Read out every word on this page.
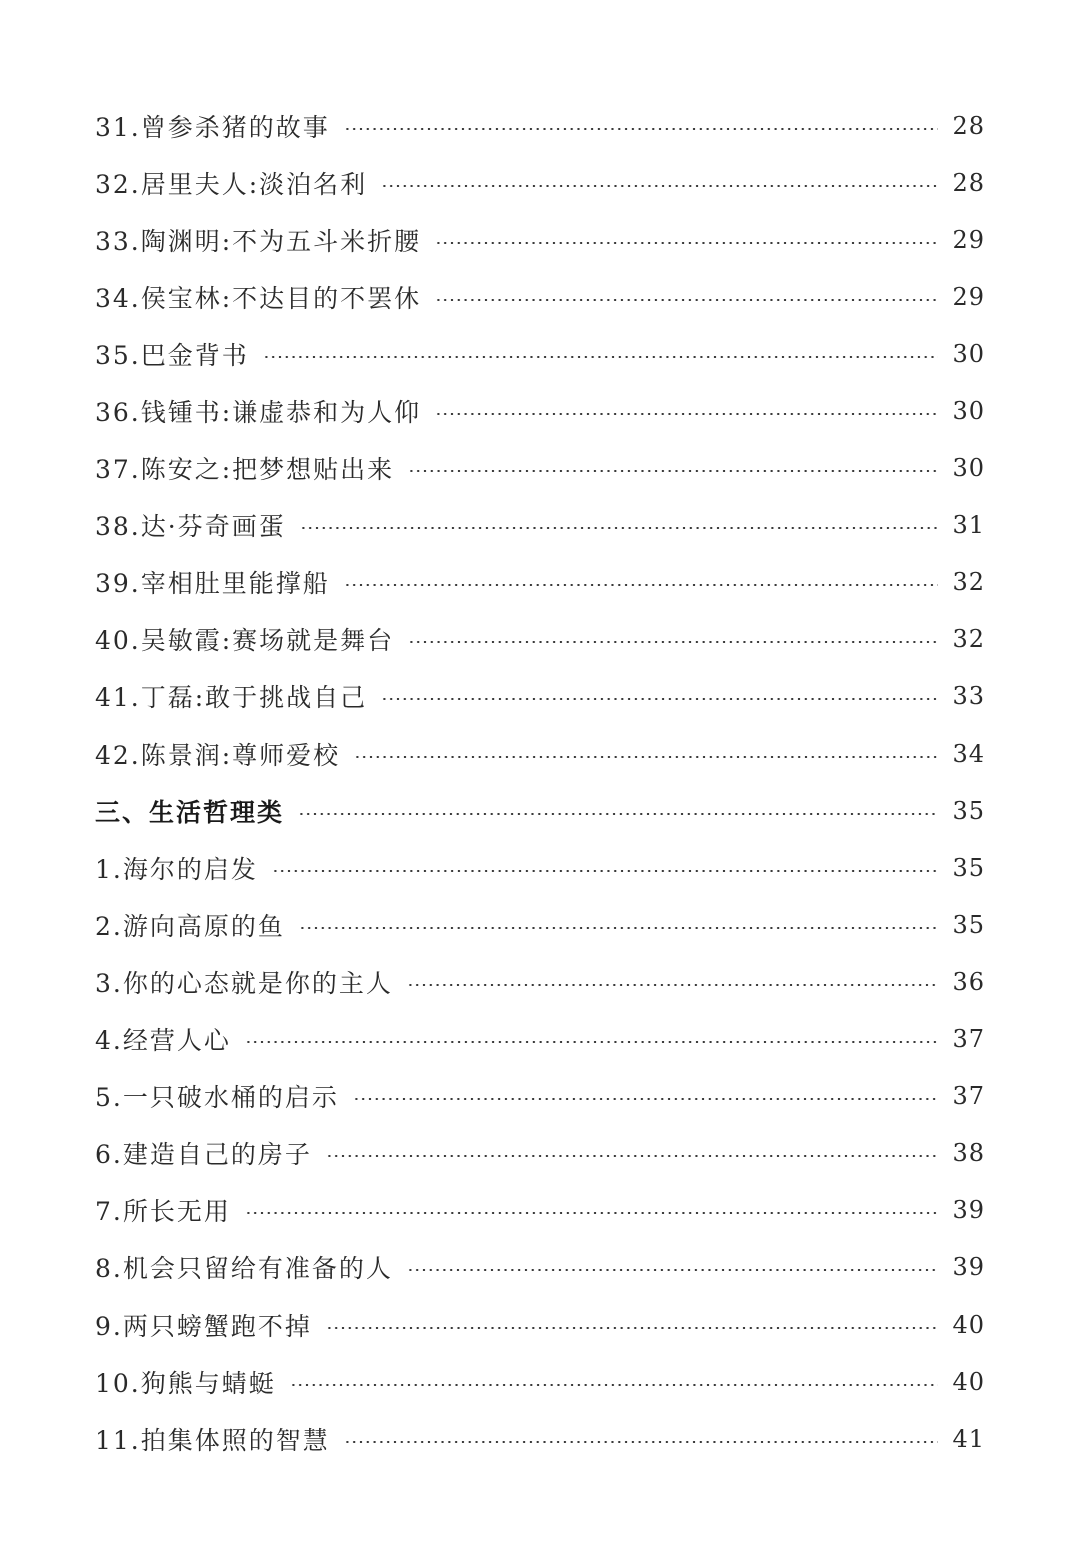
31.曾参杀猪的故事	28
32.居里夫人:淡泊名利	28
33.陶渊明:不为五斗米折腰	29
34.侯宝林:不达目的不罢休	29
35.巴金背书	30
36.钱锺书:谦虚恭和为人仰	30
37.陈安之:把梦想贴出来	30
38.达·芬奇画蛋	31
39.宰相肚里能撑船	32
40.吴敏霞:赛场就是舞台	32
41.丁磊:敢于挑战自己	33
42.陈景润:尊师爱校	34
三、生活哲理类	35
1.海尔的启发	35
2.游向高原的鱼	35
3.你的心态就是你的主人	36
4.经营人心	37
5.一只破水桶的启示	37
6.建造自己的房子	38
7.所长无用	39
8.机会只留给有准备的人	39
9.两只螃蟹跑不掉	40
10.狗熊与蜻蜓	40
11.拍集体照的智慧	41
